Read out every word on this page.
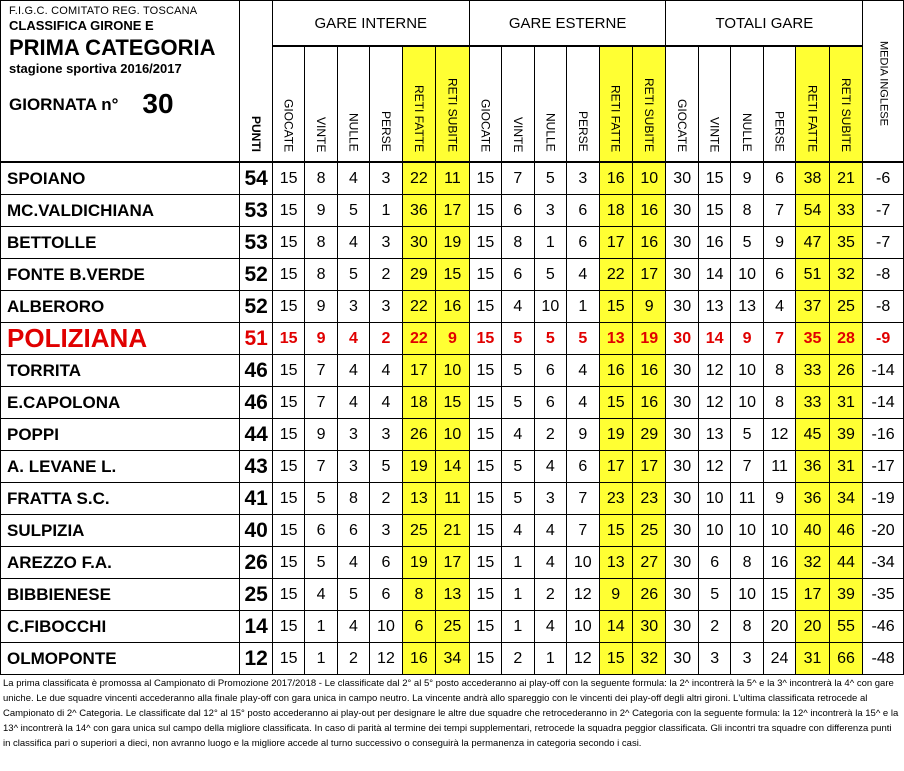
F.I.G.C. COMITATO REG. TOSCANA
CLASSIFICA GIRONE E
PRIMA CATEGORIA
stagione sportiva 2016/2017
GIORNATA n° 30	PUNTI	GARE INTERNE						GARE ESTERNE						TOTALI GARE						MEDIA INGLESE
		GIOCATE	VINTE	NULLE	PERSE	RETI FATTE	RETI SUBITE	GIOCATE	VINTE	NULLE	PERSE	RETI FATTE	RETI SUBITE	GIOCATE	VINTE	NULLE	PERSE	RETI FATTE	RETI SUBITE	
SPOIANO	54	15	8	4	3	22	11	15	7	5	3	16	10	30	15	9	6	38	21	-6
MC.VALDICHIANA	53	15	9	5	1	36	17	15	6	3	6	18	16	30	15	8	7	54	33	-7
BETTOLLE	53	15	8	4	3	30	19	15	8	1	6	17	16	30	16	5	9	47	35	-7
FONTE B.VERDE	52	15	8	5	2	29	15	15	6	5	4	22	17	30	14	10	6	51	32	-8
ALBERORO	52	15	9	3	3	22	16	15	4	10	1	15	9	30	13	13	4	37	25	-8
POLIZIANA	51	15	9	4	2	22	9	15	5	5	5	13	19	30	14	9	7	35	28	-9
TORRITA	46	15	7	4	4	17	10	15	5	6	4	16	16	30	12	10	8	33	26	-14
E.CAPOLONA	46	15	7	4	4	18	15	15	5	6	4	15	16	30	12	10	8	33	31	-14
POPPI	44	15	9	3	3	26	10	15	4	2	9	19	29	30	13	5	12	45	39	-16
A. LEVANE L.	43	15	7	3	5	19	14	15	5	4	6	17	17	30	12	7	11	36	31	-17
FRATTA S.C.	41	15	5	8	2	13	11	15	5	3	7	23	23	30	10	11	9	36	34	-19
SULPIZIA	40	15	6	6	3	25	21	15	4	4	7	15	25	30	10	10	10	40	46	-20
AREZZO F.A.	26	15	5	4	6	19	17	15	1	4	10	13	27	30	6	8	16	32	44	-34
BIBBIENESE	25	15	4	5	6	8	13	15	1	2	12	9	26	30	5	10	15	17	39	-35
C.FIBOCCHI	14	15	1	4	10	6	25	15	1	4	10	14	30	30	2	8	20	20	55	-46
OLMOPONTE	12	15	1	2	12	16	34	15	2	1	12	15	32	30	3	3	24	31	66	-48
La prima classificata è promossa al Campionato di Promozione 2017/2018 - Le classificate dal 2° al 5° posto accederanno ai play-off con la seguente formula: la 2^ incontrerà la 5^ e la 3^ incontrerà la 4^ con gare uniche. Le due squadre vincenti accederanno alla finale play-off con gara unica in campo neutro. La vincente andrà allo spareggio con le vincenti dei play-off degli altri gironi. L'ultima classificata retrocede al Campionato di 2^ Categoria. Le classificate dal 12° al 15° posto accederanno ai play-out per designare le altre due squadre che retrocederanno in 2^ Categoria con la seguente formula: la 12^ incontrerà la 15^ e la 13^ incontrerà la 14^ con gara unica sul campo della migliore classificata. In caso di parità al termine dei tempi supplementari, retrocede la squadra peggior classificata. Gli incontri tra squadre con differenza punti in classifica pari o superiori a dieci, non avranno luogo e la migliore accede al turno successivo o conseguirà la permanenza in categoria secondo i casi.
